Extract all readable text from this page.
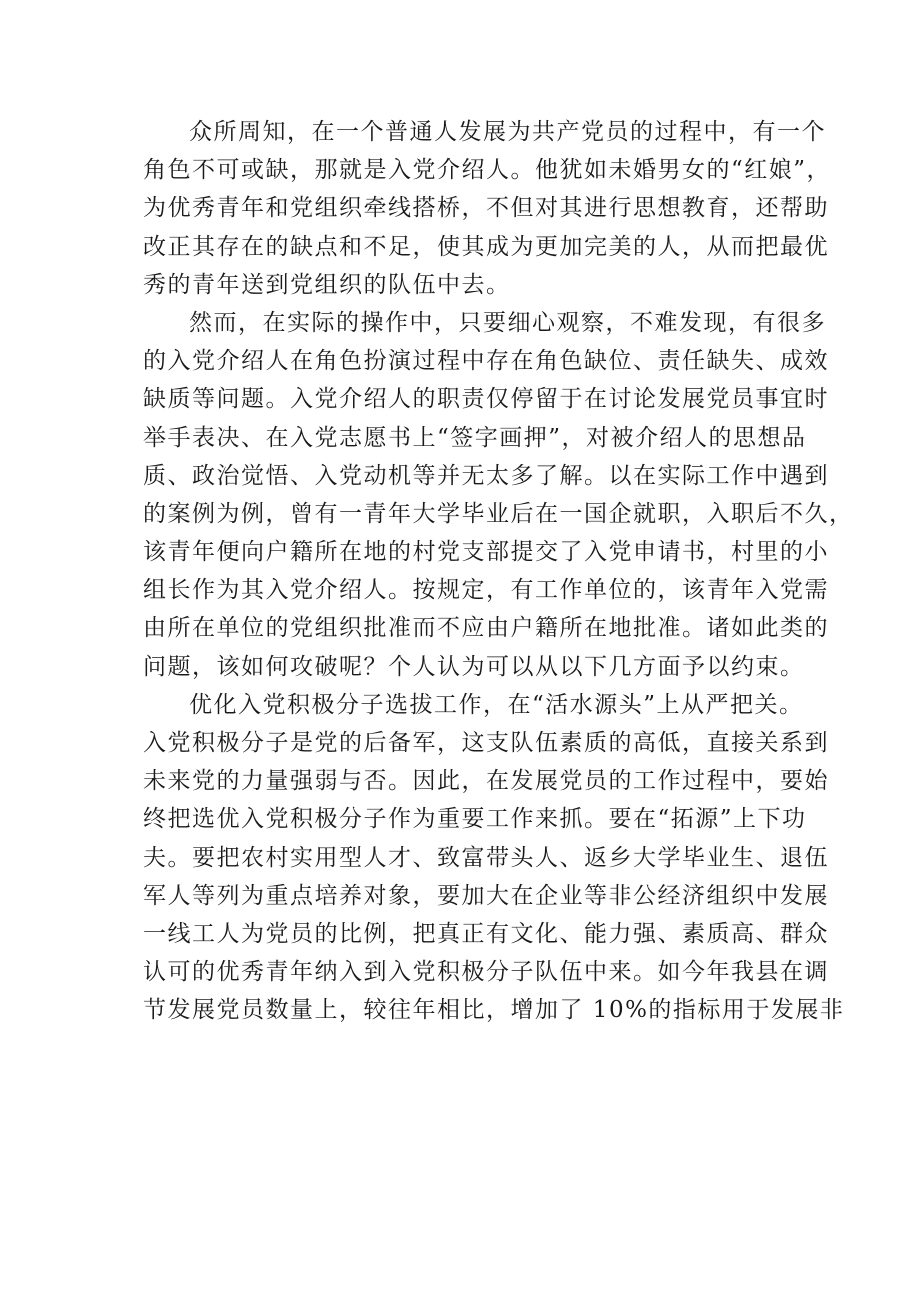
众所周知，在一个普通人发展为共产党员的过程中，有一个
角色不可或缺，那就是入党介绍人。他犹如未婚男女的“红娘”，
为优秀青年和党组织牵线搭桥，不但对其进行思想教育，还帮助
改正其存在的缺点和不足，使其成为更加完美的人，从而把最优
秀的青年送到党组织的队伍中去。
然而，在实际的操作中，只要细心观察，不难发现，有很多
的入党介绍人在角色扮演过程中存在角色缺位、责任缺失、成效
缺质等问题。入党介绍人的职责仅停留于在讨论发展党员事宜时
举手表决、在入党志愿书上“签字画押”，对被介绍人的思想品
质、政治觉悟、入党动机等并无太多了解。以在实际工作中遇到
的案例为例，曾有一青年大学毕业后在一国企就职，入职后不久，
该青年便向户籍所在地的村党支部提交了入党申请书，村里的小
组长作为其入党介绍人。按规定，有工作单位的，该青年入党需
由所在单位的党组织批准而不应由户籍所在地批准。诸如此类的
问题，该如何攻破呢？个人认为可以从以下几方面予以约束。
优化入党积极分子选拔工作，在“活水源头”上从严把关。
入党积极分子是党的后备军，这支队伍素质的高低，直接关系到
未来党的力量强弱与否。因此，在发展党员的工作过程中，要始
终把选优入党积极分子作为重要工作来抓。要在“拓源”上下功
夫。要把农村实用型人才、致富带头人、返乡大学毕业生、退伍
军人等列为重点培养对象，要加大在企业等非公经济组织中发展
一线工人为党员的比例，把真正有文化、能力强、素质高、群众
认可的优秀青年纳入到入党积极分子队伍中来。如今年我县在调
节发展党员数量上，较往年相比，增加了 10%的指标用于发展非
